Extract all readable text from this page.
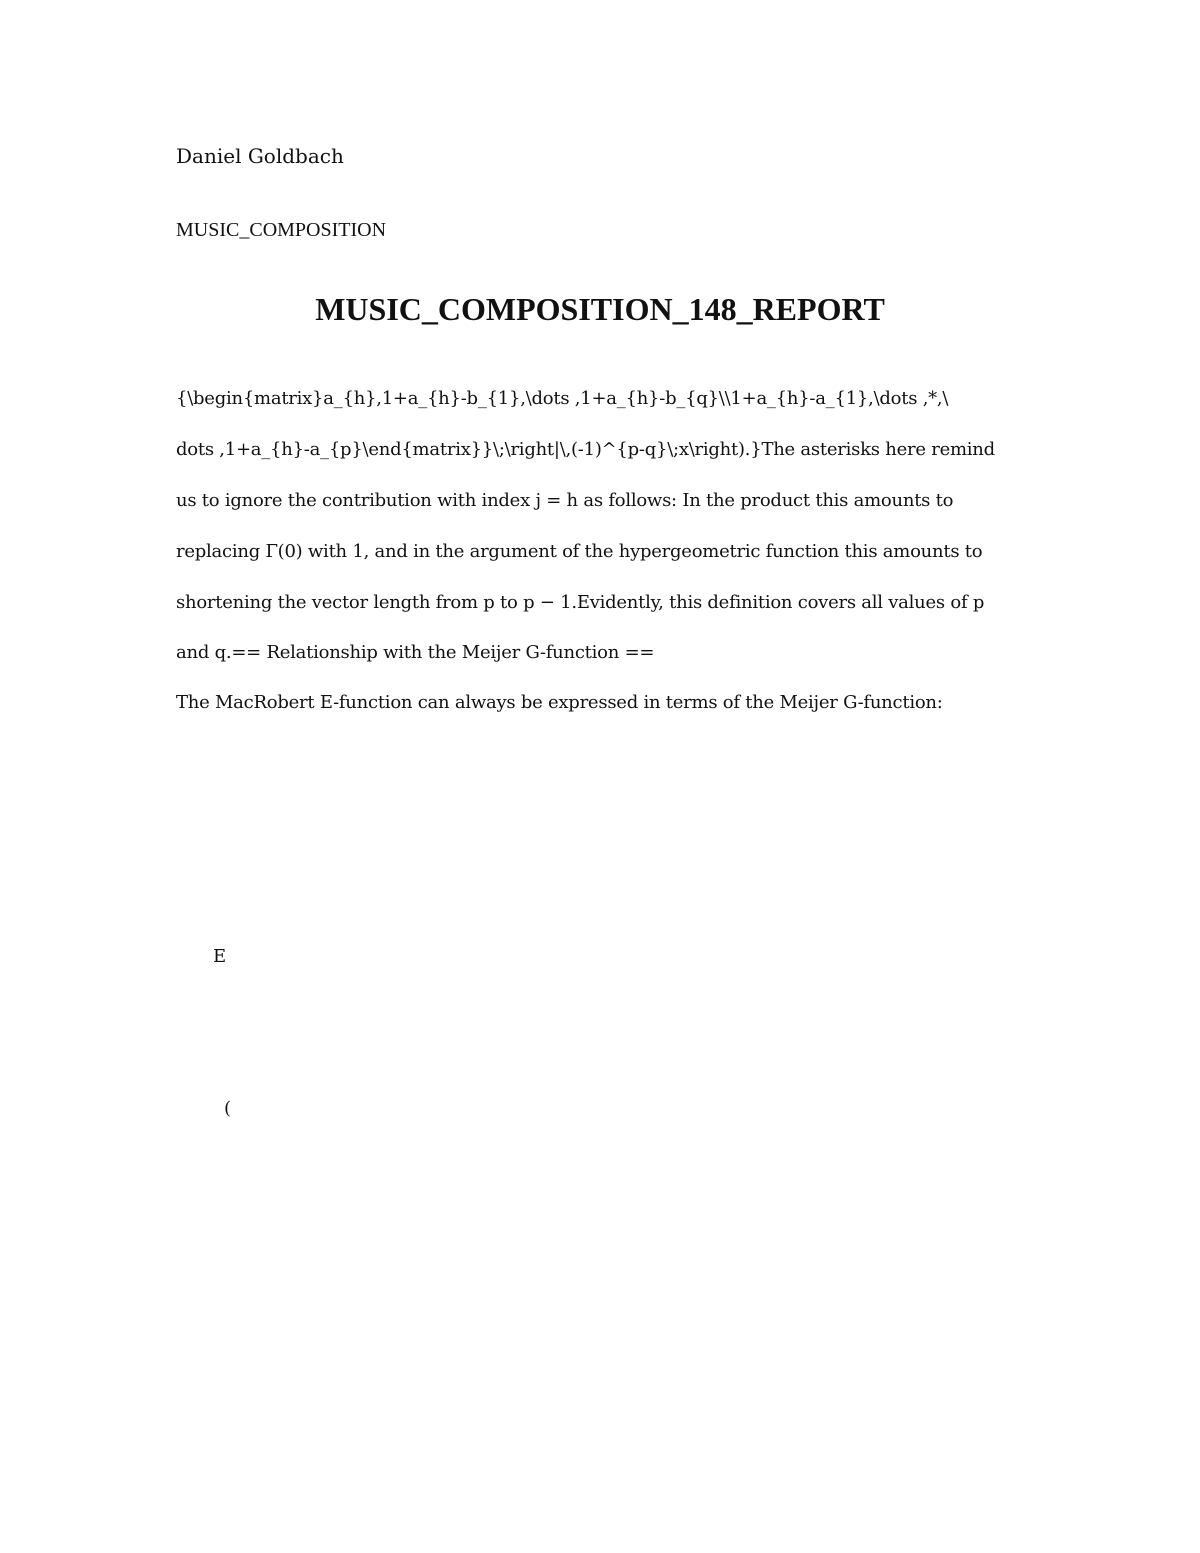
Daniel Goldbach
MUSIC_COMPOSITION
MUSIC_COMPOSITION_148_REPORT
{\begin{matrix}a_{h},1+a_{h}-b_{1},\dots ,1+a_{h}-b_{q}\\1+a_{h}-a_{1},\dots ,*,\
dots ,1+a_{h}-a_{p}\end{matrix}}\;\right|\,(-1)^{p-q}\;x\right).}The asterisks here remind
us to ignore the contribution with index j = h as follows: In the product this amounts to
replacing Γ(0) with 1, and in the argument of the hypergeometric function this amounts to
shortening the vector length from p to p − 1.Evidently, this definition covers all values of p
and q.== Relationship with the Meijer G-function ==
The MacRobert E-function can always be expressed in terms of the Meijer G-function:
E
(
